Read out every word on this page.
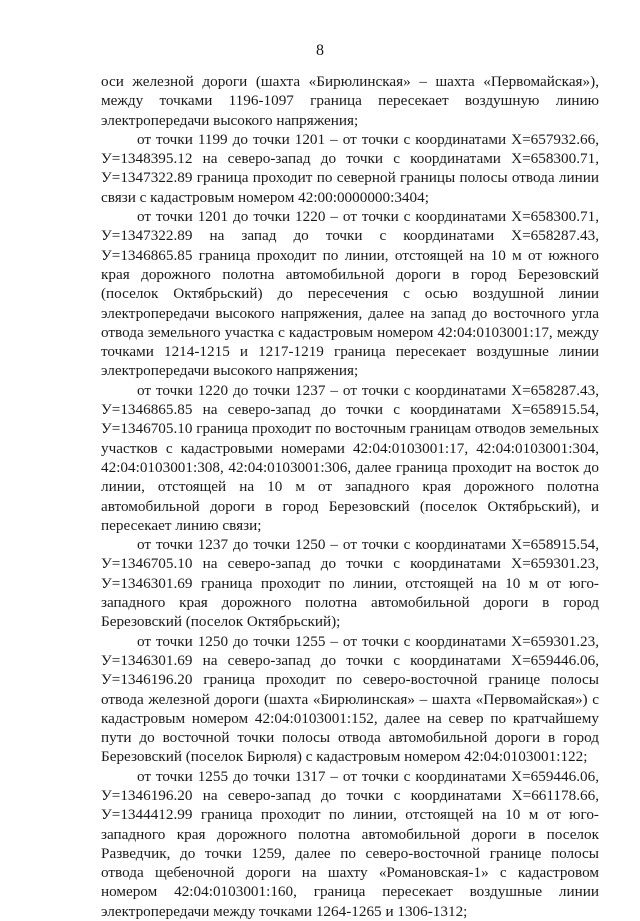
8

оси железной дороги (шахта «Бирюлинская» – шахта «Первомайская»), между точками 1196-1097 граница пересекает воздушную линию электропередачи высокого напряжения;

от точки 1199 до точки 1201 – от точки с координатами Х=657932.66, У=1348395.12 на северо-запад до точки с координатами Х=658300.71, У=1347322.89 граница проходит по северной границы полосы отвода линии связи с кадастровым номером 42:00:0000000:3404;

от точки 1201 до точки 1220 – от точки с координатами Х=658300.71, У=1347322.89 на запад до точки с координатами Х=658287.43, У=1346865.85 граница проходит по линии, отстоящей на 10 м от южного края дорожного полотна автомобильной дороги в город Березовский (поселок Октябрьский) до пересечения с осью воздушной линии электропередачи высокого напряжения, далее на запад до восточного угла отвода земельного участка с кадастровым номером 42:04:0103001:17, между точками 1214-1215 и 1217-1219 граница пересекает воздушные линии электропередачи высокого напряжения;

от точки 1220 до точки 1237 – от точки с координатами Х=658287.43, У=1346865.85 на северо-запад до точки с координатами Х=658915.54, У=1346705.10 граница проходит по восточным границам отводов земельных участков с кадастровыми номерами 42:04:0103001:17, 42:04:0103001:304, 42:04:0103001:308, 42:04:0103001:306, далее граница проходит на восток до линии, отстоящей на 10 м от западного края дорожного полотна автомобильной дороги в город Березовский (поселок Октябрьский), и пересекает линию связи;

от точки 1237 до точки 1250 – от точки с координатами Х=658915.54, У=1346705.10 на северо-запад до точки с координатами Х=659301.23, У=1346301.69 граница проходит по линии, отстоящей на 10 м от юго-западного края дорожного полотна автомобильной дороги в город Березовский (поселок Октябрьский);

от точки 1250 до точки 1255 – от точки с координатами Х=659301.23, У=1346301.69 на северо-запад до точки с координатами Х=659446.06, У=1346196.20 граница проходит по северо-восточной границе полосы отвода железной дороги (шахта «Бирюлинская» – шахта «Первомайская») с кадастровым номером 42:04:0103001:152, далее на север по кратчайшему пути до восточной точки полосы отвода автомобильной дороги в город Березовский (поселок Бирюля) с кадастровым номером 42:04:0103001:122;

от точки 1255 до точки 1317 – от точки с координатами Х=659446.06, У=1346196.20 на северо-запад до точки с координатами Х=661178.66, У=1344412.99 граница проходит по линии, отстоящей на 10 м от юго-западного края дорожного полотна автомобильной дороги в поселок Разведчик, до точки 1259, далее по северо-восточной границе полосы отвода щебеночной дороги на шахту «Романовская-1» с кадастровом номером 42:04:0103001:160, граница пересекает воздушные линии электропередачи между точками 1264-1265 и 1306-1312;
